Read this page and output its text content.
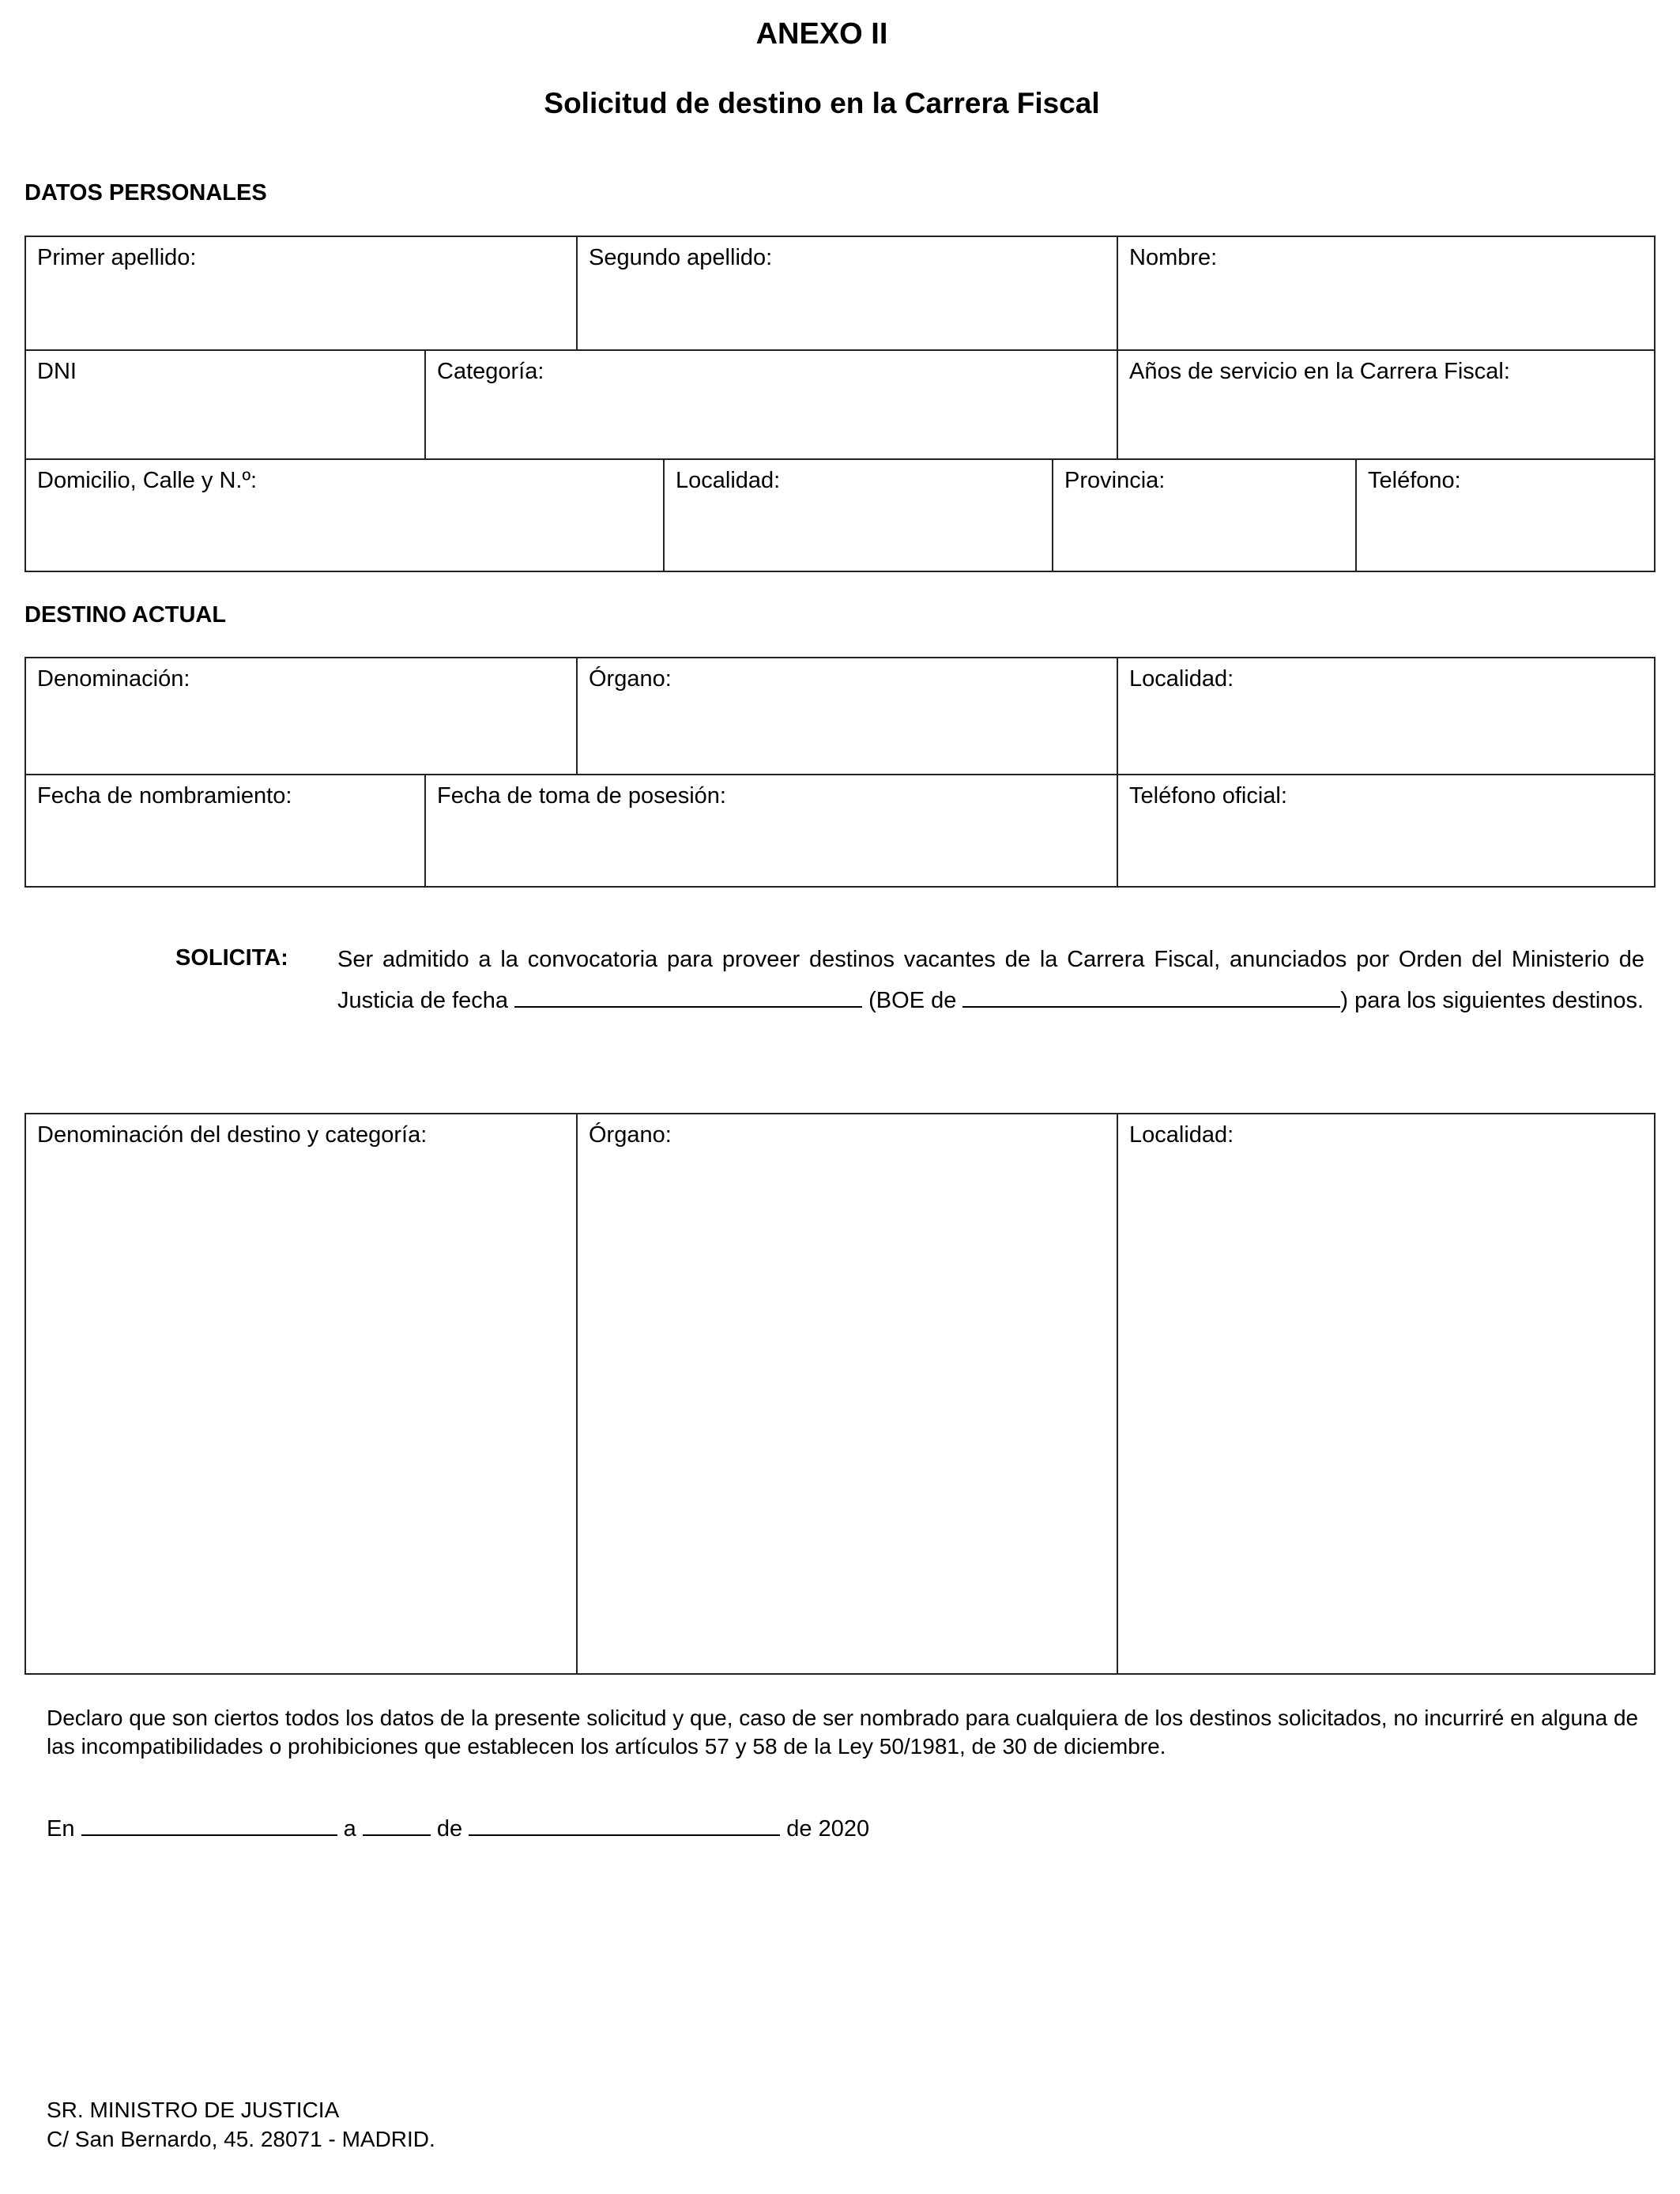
ANEXO II
Solicitud de destino en la Carrera Fiscal
DATOS PERSONALES
Primer apellido:	Segundo apellido:	Nombre:
DNI	Categoría:	Años de servicio en la Carrera Fiscal:
Domicilio, Calle y N.º:	Localidad:	Provincia:	Teléfono:
DESTINO ACTUAL
Denominación:	Órgano:	Localidad:
Fecha de nombramiento:	Fecha de toma de posesión:	Teléfono oficial:
SOLICITA: Ser admitido a la convocatoria para proveer destinos vacantes de la Carrera Fiscal, anunciados por Orden del Ministerio de Justicia de fecha	(BOE de	) para los siguientes destinos.
Denominación del destino y categoría:	Órgano:	Localidad:
Declaro que son ciertos todos los datos de la presente solicitud y que, caso de ser nombrado para cualquiera de los destinos solicitados, no incurriré en alguna de las incompatibilidades o prohibiciones que establecen los artículos 57 y 58 de la Ley 50/1981, de 30 de diciembre.
En	a	de	de 2020
SR. MINISTRO DE JUSTICIA
C/ San Bernardo, 45. 28071 - MADRID.
